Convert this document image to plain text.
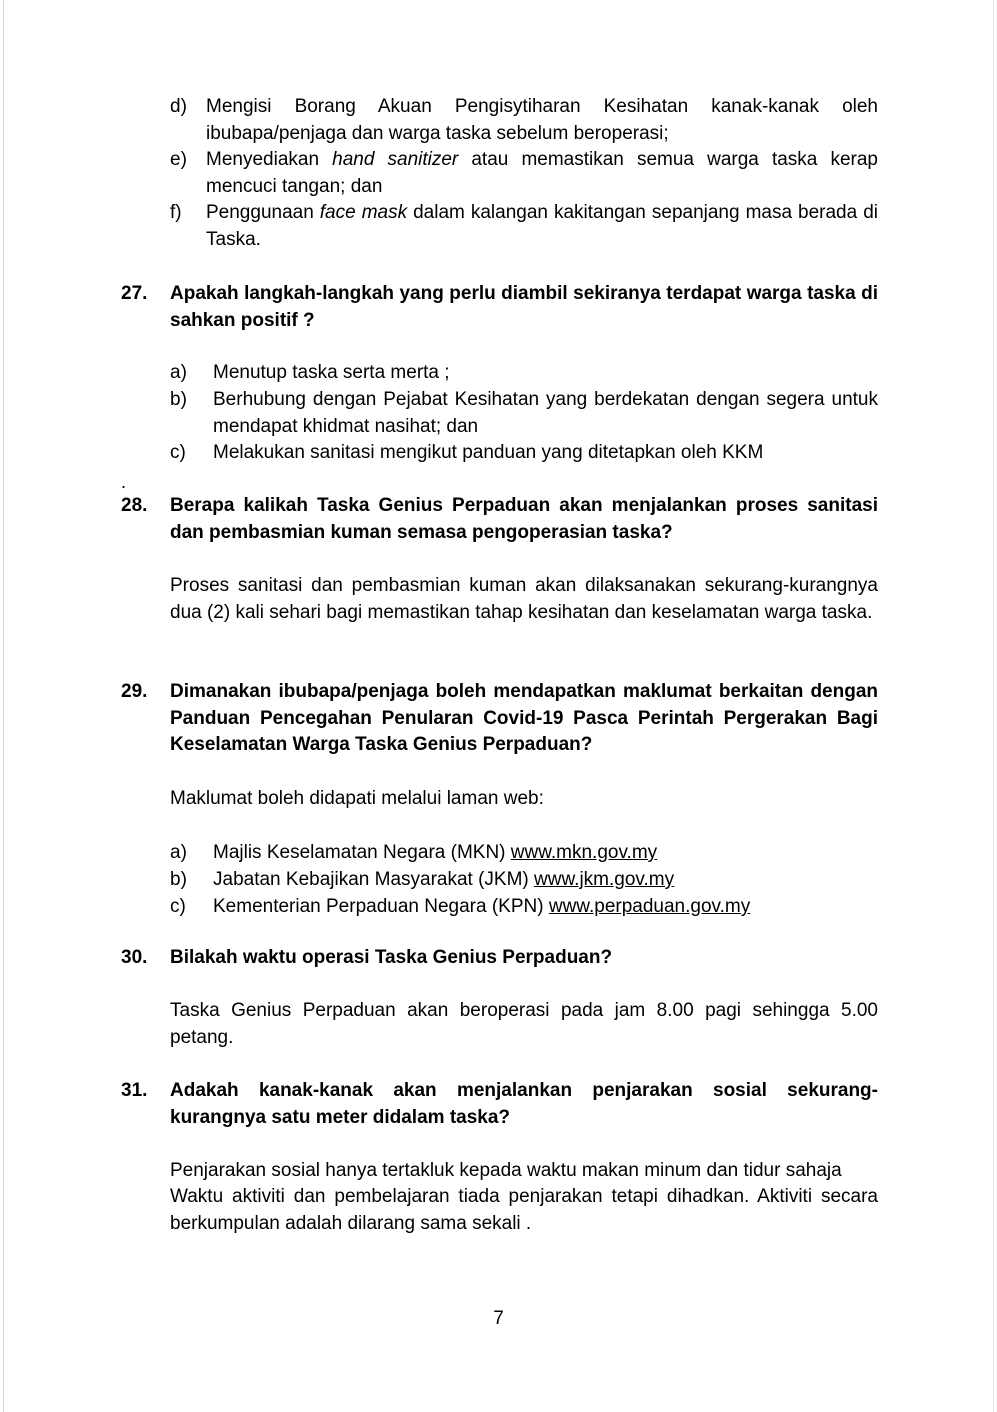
d) Mengisi Borang Akuan Pengisytiharan Kesihatan kanak-kanak oleh ibubapa/penjaga dan warga taska sebelum beroperasi;
e) Menyediakan hand sanitizer atau memastikan semua warga taska kerap mencuci tangan; dan
f) Penggunaan face mask dalam kalangan kakitangan sepanjang masa berada di Taska.
27. Apakah langkah-langkah yang perlu diambil sekiranya terdapat warga taska di sahkan positif ?
a) Menutup taska serta merta ;
b) Berhubung dengan Pejabat Kesihatan yang berdekatan dengan segera untuk mendapat khidmat nasihat; dan
c) Melakukan sanitasi mengikut panduan yang ditetapkan oleh KKM
.
28. Berapa kalikah Taska Genius Perpaduan akan menjalankan proses sanitasi dan pembasmian kuman semasa pengoperasian taska?
Proses sanitasi dan pembasmian kuman akan dilaksanakan sekurang-kurangnya dua (2) kali sehari bagi memastikan tahap kesihatan dan keselamatan warga taska.
29. Dimanakan ibubapa/penjaga boleh mendapatkan maklumat berkaitan dengan Panduan Pencegahan Penularan Covid-19 Pasca Perintah Pergerakan Bagi Keselamatan Warga Taska Genius Perpaduan?
Maklumat boleh didapati melalui laman web:
a) Majlis Keselamatan Negara (MKN) www.mkn.gov.my
b) Jabatan Kebajikan Masyarakat (JKM) www.jkm.gov.my
c) Kementerian Perpaduan Negara (KPN) www.perpaduan.gov.my
30. Bilakah waktu operasi Taska Genius Perpaduan?
Taska Genius Perpaduan akan beroperasi pada jam 8.00 pagi sehingga 5.00 petang.
31. Adakah kanak-kanak akan menjalankan penjarakan sosial sekurang-kurangnya satu meter didalam taska?
Penjarakan sosial hanya tertakluk kepada waktu makan minum dan tidur sahaja
Waktu aktiviti dan pembelajaran tiada penjarakan tetapi dihadkan. Aktiviti secara berkumpulan adalah dilarang sama sekali .
7
